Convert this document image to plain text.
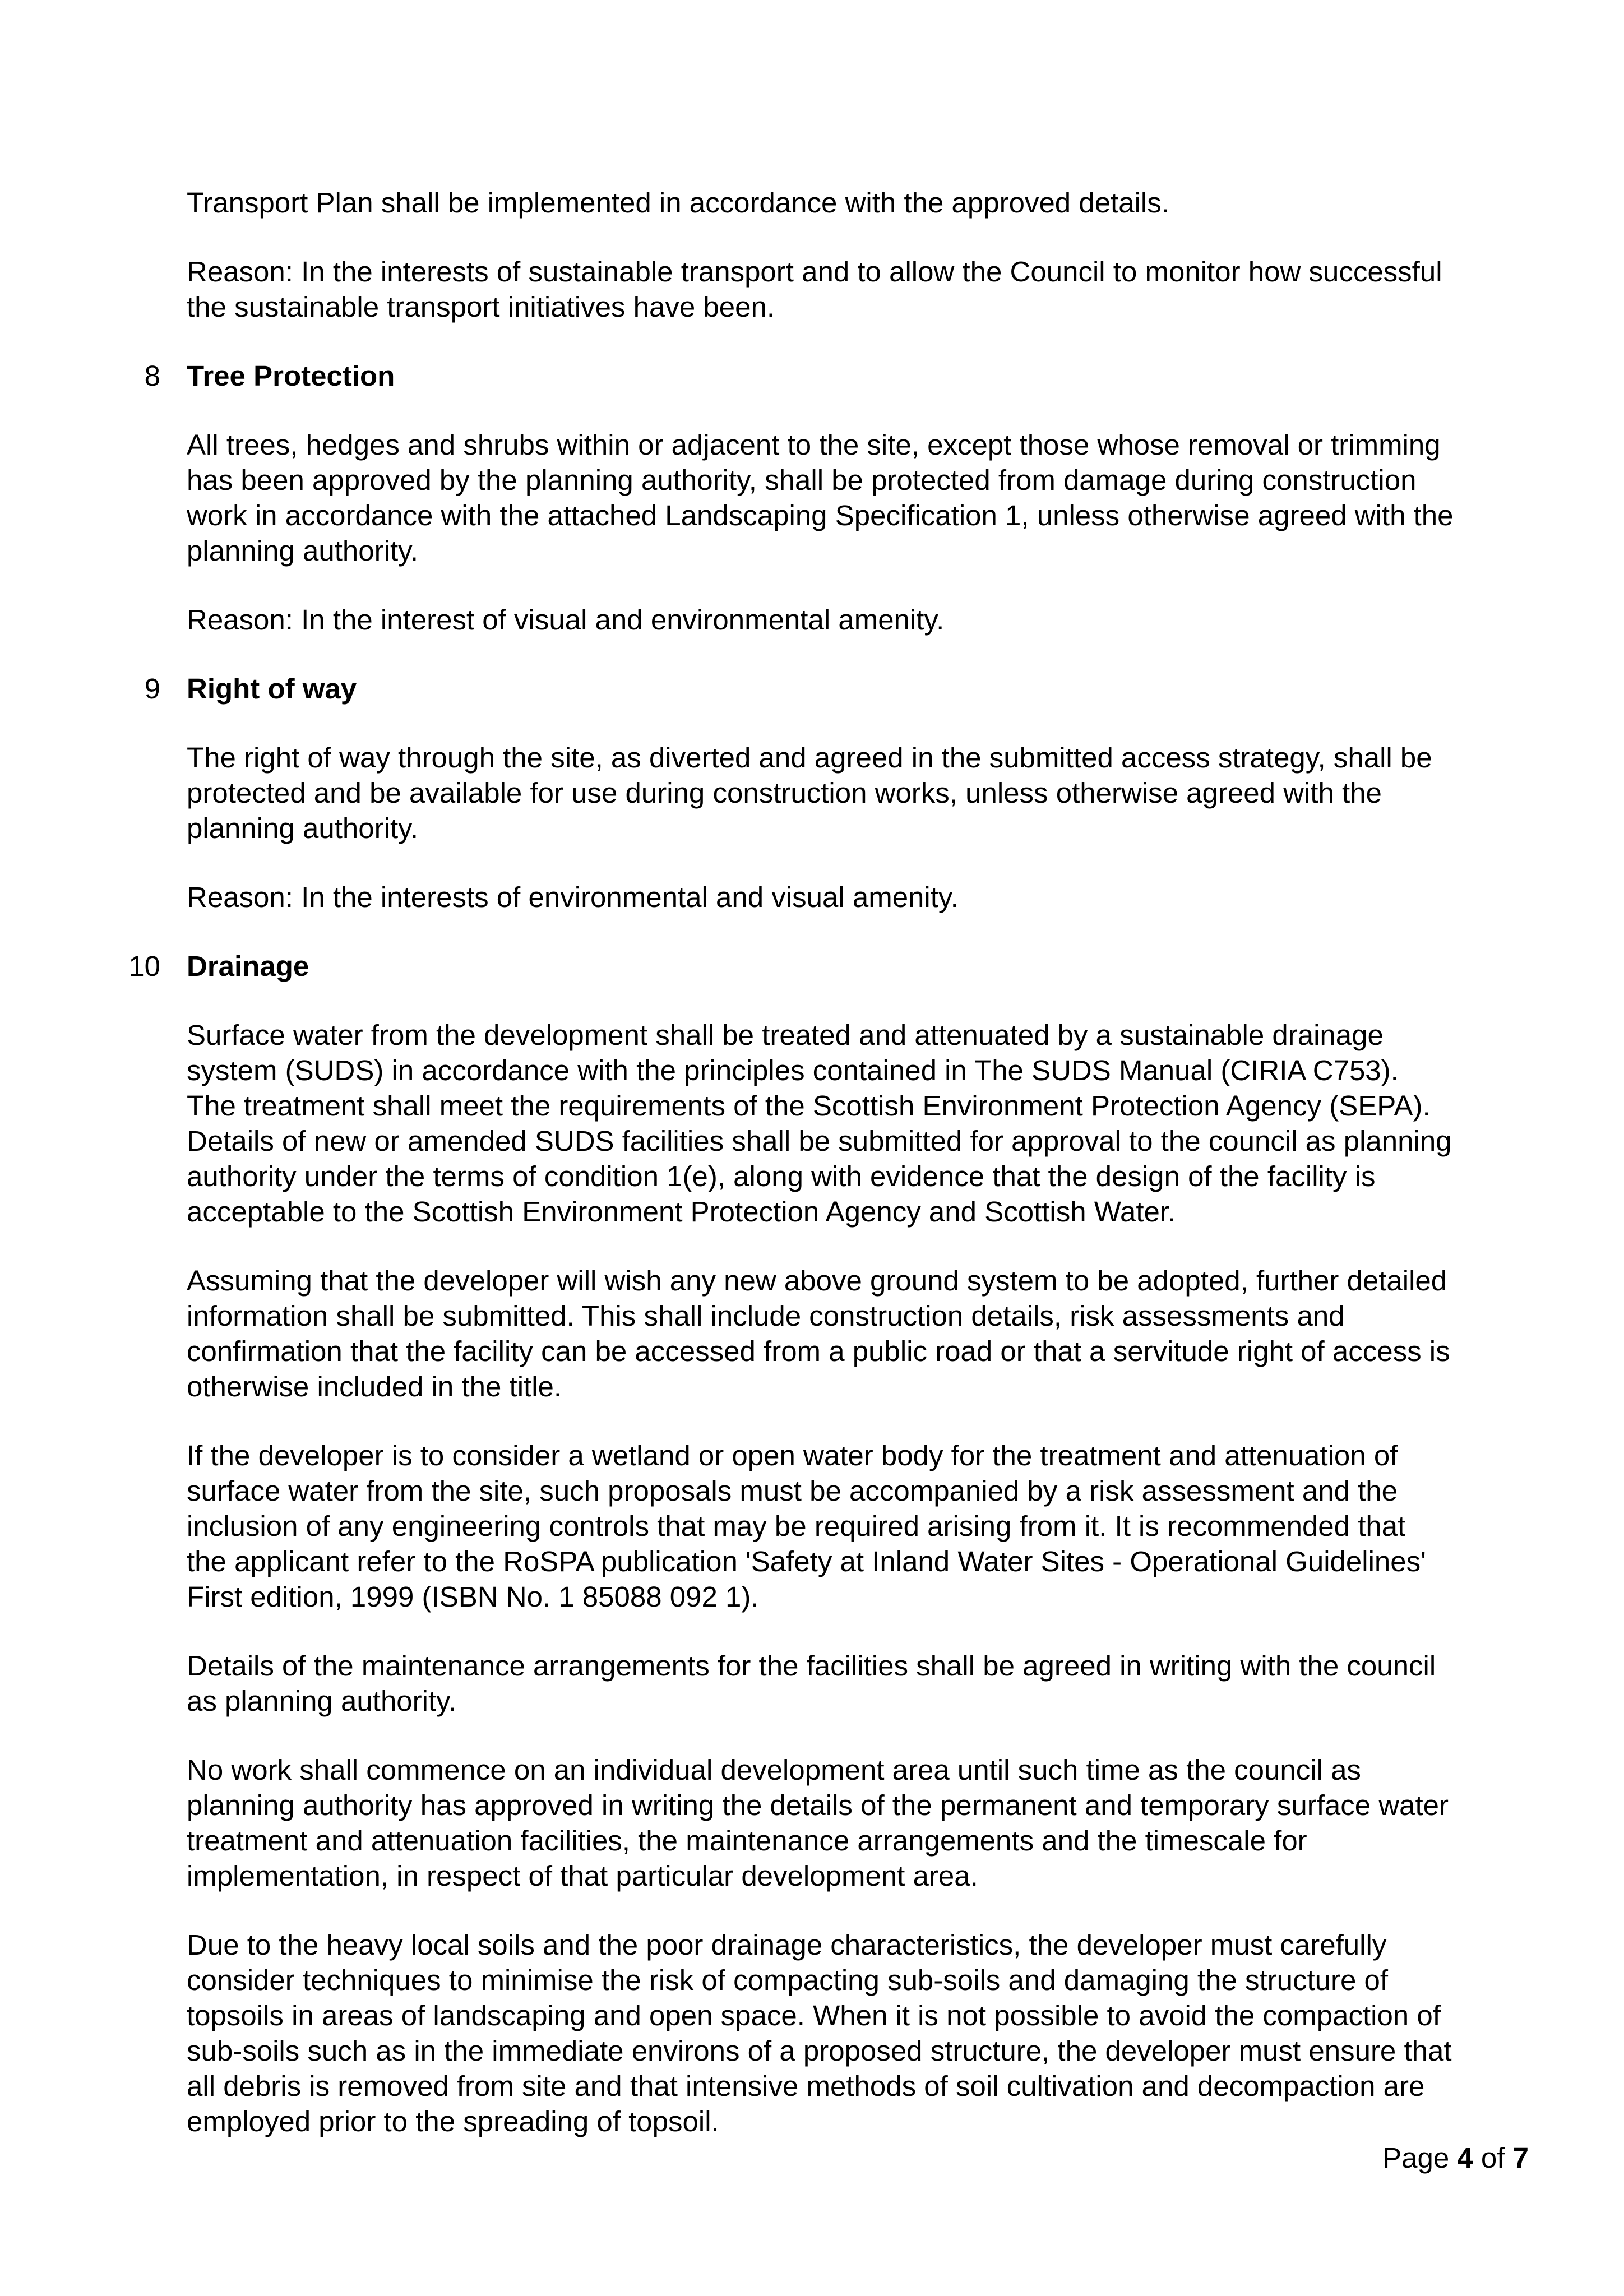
Transport Plan shall be implemented in accordance with the approved details.
Reason: In the interests of sustainable transport and to allow the Council to monitor how successful
the sustainable transport initiatives have been.
8 Tree Protection
All trees, hedges and shrubs within or adjacent to the site, except those whose removal or trimming
has been approved by the planning authority, shall be protected from damage during construction
work in accordance with the attached Landscaping Specification 1, unless otherwise agreed with the
planning authority.
Reason: In the interest of visual and environmental amenity.
9 Right of way
The right of way through the site, as diverted and agreed in the submitted access strategy, shall be
protected and be available for use during construction works, unless otherwise agreed with the
planning authority.
Reason: In the interests of environmental and visual amenity.
10 Drainage
Surface water from the development shall be treated and attenuated by a sustainable drainage
system (SUDS) in accordance with the principles contained in The SUDS Manual (CIRIA C753).
The treatment shall meet the requirements of the Scottish Environment Protection Agency (SEPA).
Details of new or amended SUDS facilities shall be submitted for approval to the council as planning
authority under the terms of condition 1(e), along with evidence that the design of the facility is
acceptable to the Scottish Environment Protection Agency and Scottish Water.
Assuming that the developer will wish any new above ground system to be adopted, further detailed
information shall be submitted. This shall include construction details, risk assessments and
confirmation that the facility can be accessed from a public road or that a servitude right of access is
otherwise included in the title.
If the developer is to consider a wetland or open water body for the treatment and attenuation of
surface water from the site, such proposals must be accompanied by a risk assessment and the
inclusion of any engineering controls that may be required arising from it. It is recommended that
the applicant refer to the RoSPA publication 'Safety at Inland Water Sites - Operational Guidelines'
First edition, 1999 (ISBN No. 1 85088 092 1).
Details of the maintenance arrangements for the facilities shall be agreed in writing with the council
as planning authority.
No work shall commence on an individual development area until such time as the council as
planning authority has approved in writing the details of the permanent and temporary surface water
treatment and attenuation facilities, the maintenance arrangements and the timescale for
implementation, in respect of that particular development area.
Due to the heavy local soils and the poor drainage characteristics, the developer must carefully
consider techniques to minimise the risk of compacting sub-soils and damaging the structure of
topsoils in areas of landscaping and open space. When it is not possible to avoid the compaction of
sub-soils such as in the immediate environs of a proposed structure, the developer must ensure that
all debris is removed from site and that intensive methods of soil cultivation and decompaction are
employed prior to the spreading of topsoil.
Page 4 of 7
